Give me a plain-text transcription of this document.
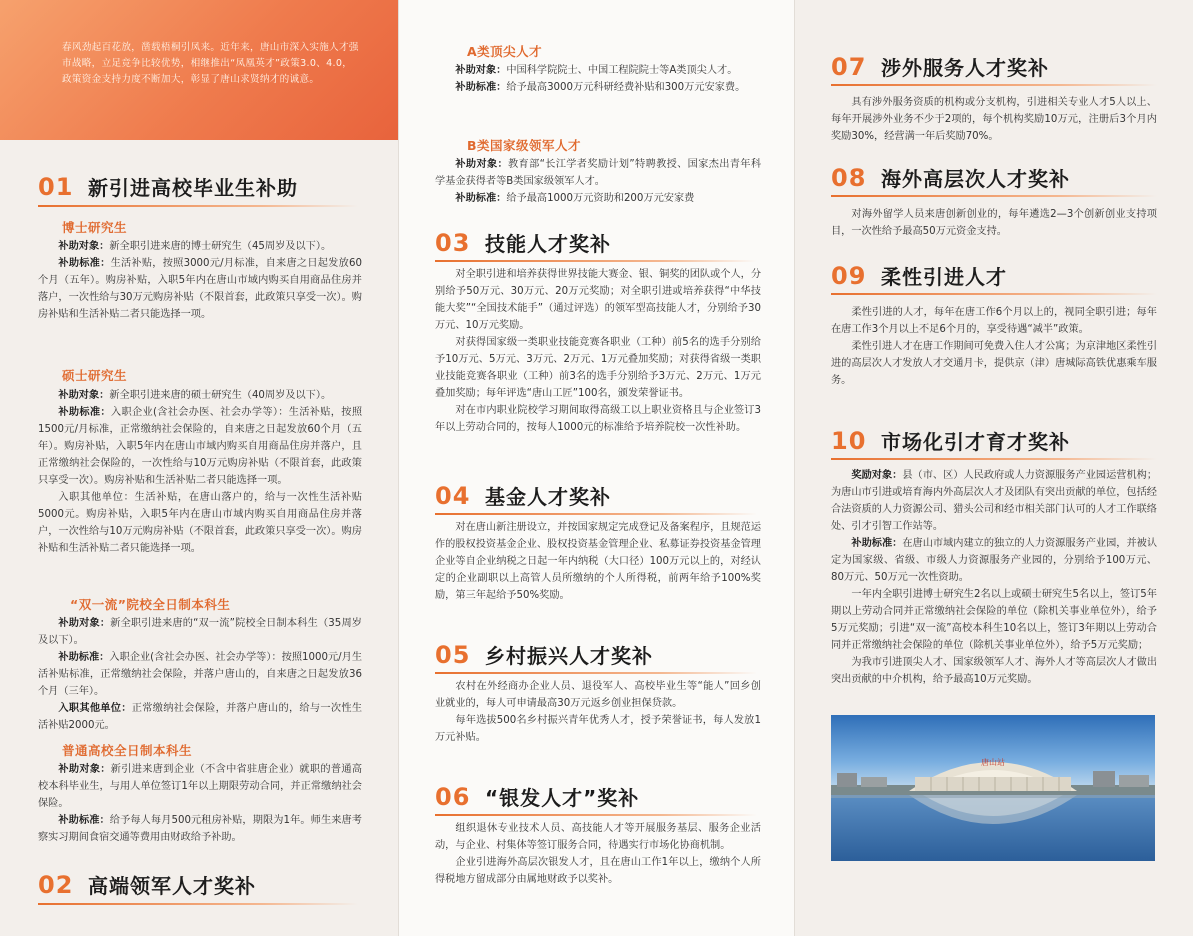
春风劲起百花放，凿载梧桐引凤来。近年来，唐山市深入实施人才强市战略，立足竞争比较优势，相继推出“凤凰英才”政策3.0、4.0，政策资金支持力度不断加大，彰显了唐山求贤纳才的诚意。

01 新引进高校毕业生补助
博士研究生

补助对象：新全职引进来唐的博士研究生（45周岁及以下）。

补助标准：生活补贴，按照3000元/月标准，自来唐之日起发放60个月（五年）。购房补贴，入职5年内在唐山市域内购买自用商品住房并落户，一次性给与30万元购房补贴（不限首套，此政策只享受一次）。购房补贴和生活补贴二者只能选择一项。

硕士研究生

补助对象：新全职引进来唐的硕士研究生（40周岁及以下）。

补助标准：入职企业(含社会办医、社会办学等）：生活补贴，按照1500元/月标准，正常缴纳社会保险的，自来唐之日起发放60个月（五年）。购房补贴，入职5年内在唐山市域内购买自用商品住房并落户，且正常缴纳社会保险的，一次性给与10万元购房补贴（不限首套，此政策只享受一次）。购房补贴和生活补贴二者只能选择一项。

入职其他单位：生活补贴，在唐山落户的，给与一次性生活补贴5000元。购房补贴，入职5年内在唐山市域内购买自用商品住房并落户，一次性给与10万元购房补贴（不限首套，此政策只享受一次）。购房补贴和生活补贴二者只能选择一项。

“双一流”院校全日制本科生

补助对象：新全职引进来唐的“双一流”院校全日制本科生（35周岁及以下）。

补助标准：入职企业(含社会办医、社会办学等）：按照1000元/月生活补贴标准，正常缴纳社会保险，并落户唐山的，自来唐之日起发放36个月（三年）。

入职其他单位：正常缴纳社会保险，并落户唐山的，给与一次性生活补贴2000元。

普通高校全日制本科生

补助对象：新引进来唐到企业（不含中省驻唐企业）就职的普通高校本科毕业生，与用人单位签订1年以上期限劳动合同，并正常缴纳社会保险。

补助标准：给予每人每月500元租房补贴，期限为1年。师生来唐考察实习期间食宿交通等费用由财政给予补助。

02 高端领军人才奖补
A类顶尖人才

补助对象：中国科学院院士、中国工程院院士等A类顶尖人才。

补助标准：给予最高3000万元科研经费补贴和300万元安家费。

B类国家级领军人才

补助对象：教育部“长江学者奖励计划”特聘教授、国家杰出青年科学基金获得者等B类国家级领军人才。

补助标准：给予最高1000万元资助和200万元安家费

03 技能人才奖补

对全职引进和培养获得世界技能大赛金、银、铜奖的团队或个人，分别给予50万元、30万元、20万元奖励；对全职引进或培养获得“中华技能大奖”“全国技术能手”（通过评选）的领军型高技能人才，分别给予30万元、10万元奖励。

对获得国家级一类职业技能竞赛各职业（工种）前5名的选手分别给予10万元、5万元、3万元、2万元、1万元叠加奖励；对获得省级一类职业技能竞赛各职业（工种）前3名的选手分别给予3万元、2万元、1万元叠加奖励；每年评选“唐山工匠”100名，颁发荣誉证书。

对在市内职业院校学习期间取得高级工以上职业资格且与企业签订3年以上劳动合同的，按每人1000元的标准给予培养院校一次性补助。

04 基金人才奖补

对在唐山新注册设立，并按国家规定完成登记及备案程序，且规范运作的股权投资基金企业、股权投资基金管理企业、私募证券投资基金管理企业等自企业纳税之日起一年内纳税（大口径）100万元以上的，对经认定的企业副职以上高管人员所缴纳的个人所得税，前两年给予100%奖励，第三年起给予50%奖励。

05 乡村振兴人才奖补

农村在外经商办企业人员、退役军人、高校毕业生等“能人”回乡创业就业的，每人可申请最高30万元返乡创业担保贷款。

每年选拔500名乡村振兴青年优秀人才，授予荣誉证书，每人发放1万元补贴。

06 “银发人才”奖补

组织退休专业技术人员、高技能人才等开展服务基层、服务企业活动，与企业、村集体等签订服务合同，待遇实行市场化协商机制。

企业引进海外高层次银发人才，且在唐山工作1年以上，缴纳个人所得税地方留成部分由属地财政予以奖补。

07 涉外服务人才奖补

具有涉外服务资质的机构或分支机构，引进相关专业人才5人以上、每年开展涉外业务不少于2项的，每个机构奖励10万元，注册后3个月内奖励30%，经营满一年后奖励70%。

08 海外高层次人才奖补

对海外留学人员来唐创新创业的，每年遴选2—3个创新创业支持项目，一次性给予最高50万元资金支持。

09 柔性引进人才

柔性引进的人才，每年在唐工作6个月以上的，视同全职引进；每年在唐工作3个月以上不足6个月的，享受待遇“减半”政策。

柔性引进人才在唐工作期间可免费入住人才公寓；为京津地区柔性引进的高层次人才发放人才交通月卡，提供京（津）唐城际高铁优惠乘车服务。

10 市场化引才育才奖补

奖励对象：县（市、区）人民政府或人力资源服务产业园运营机构；为唐山市引进或培育海内外高层次人才及团队有突出贡献的单位，包括经合法资质的人力资源公司、猎头公司和经市相关部门认可的人才工作联络处、引才引智工作站等。

补助标准：在唐山市域内建立的独立的人力资源服务产业园，并被认定为国家级、省级、市级人力资源服务产业园的，分别给予100万元、80万元、50万元一次性资助。

一年内全职引进博士研究生2名以上或硕士研究生5名以上，签订5年期以上劳动合同并正常缴纳社会保险的单位（除机关事业单位外），给予5万元奖励；引进“双一流”高校本科生10名以上，签订3年期以上劳动合同并正常缴纳社会保险的单位（除机关事业单位外），给予5万元奖励；

为我市引进顶尖人才、国家级领军人才、海外人才等高层次人才做出突出贡献的中介机构，给予最高10万元奖励。

唐山站
